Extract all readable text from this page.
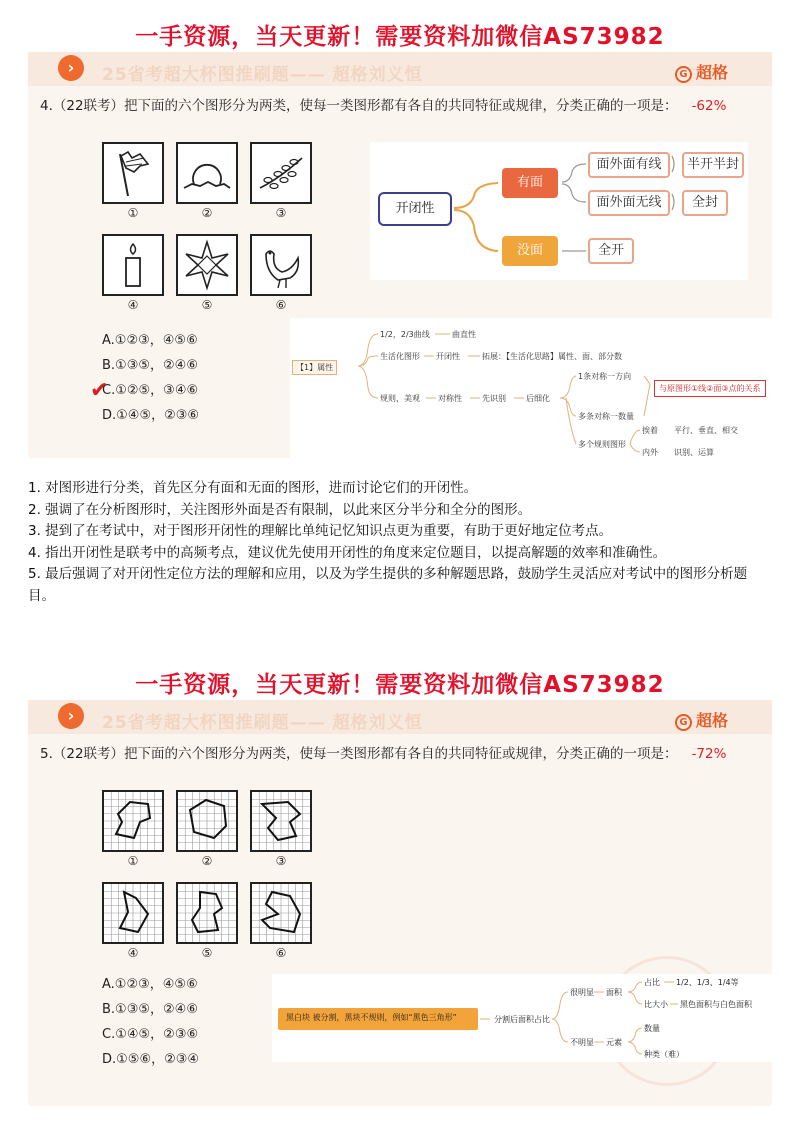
一手资源，当天更新！需要资料加微信AS73982
›	25省考超大杯图推刷题—— 超格刘义恒	G 超格
4.（22联考）把下面的六个图形分为两类，使每一类图形都有各自的共同特征或规律，分类正确的一项是： -62%
①	②	③
④	⑤	⑥
开闭性
有面
没面
面外面有线
面外面无线
半开半封
全封
全开
A.①②③，④⑤⑥
B.①③⑤，②④⑥
✔
C.①②⑤，③④⑥
D.①④⑤，②③⑥
【1】属性
1/2，2/3曲线	曲直性
生活化图形 开闭性	拓展：【生活化思路】属性、面、部分数
规则，美观 对称性	先识别	后细化
1条对称一方向
多条对称一数量
多个规则图形
与原图形①线②面③点的关系
挨着 平行、垂直、相交
内外 识别、运算
1. 对图形进行分类，首先区分有面和无面的图形，进而讨论它们的开闭性。
2. 强调了在分析图形时，关注图形外面是否有限制，以此来区分半分和全分的图形。
3. 提到了在考试中，对于图形开闭性的理解比单纯记忆知识点更为重要，有助于更好地定位考点。
4. 指出开闭性是联考中的高频考点，建议优先使用开闭性的角度来定位题目，以提高解题的效率和准确性。
5. 最后强调了对开闭性定位方法的理解和应用，以及为学生提供的多种解题思路，鼓励学生灵活应对考试中的图形分析题目。
一手资源，当天更新！需要资料加微信AS73982
›	25省考超大杯图推刷题—— 超格刘义恒	G 超格
5.（22联考）把下面的六个图形分为两类，使每一类图形都有各自的共同特征或规律，分类正确的一项是： -72%
①	②	③
④	⑤	⑥
A.①②③，④⑤⑥
B.①③⑤，②④⑥
C.①④⑤，②③⑥
D.①⑤⑥，②③④
黑白块 被分割，黑块不规则，例如“黑色三角形”	分割后面积占比
很明显 面积
占比 1/2、1/3、1/4等
比大小 黑色面积与白色面积
不明显 元素
数量
种类（难）
